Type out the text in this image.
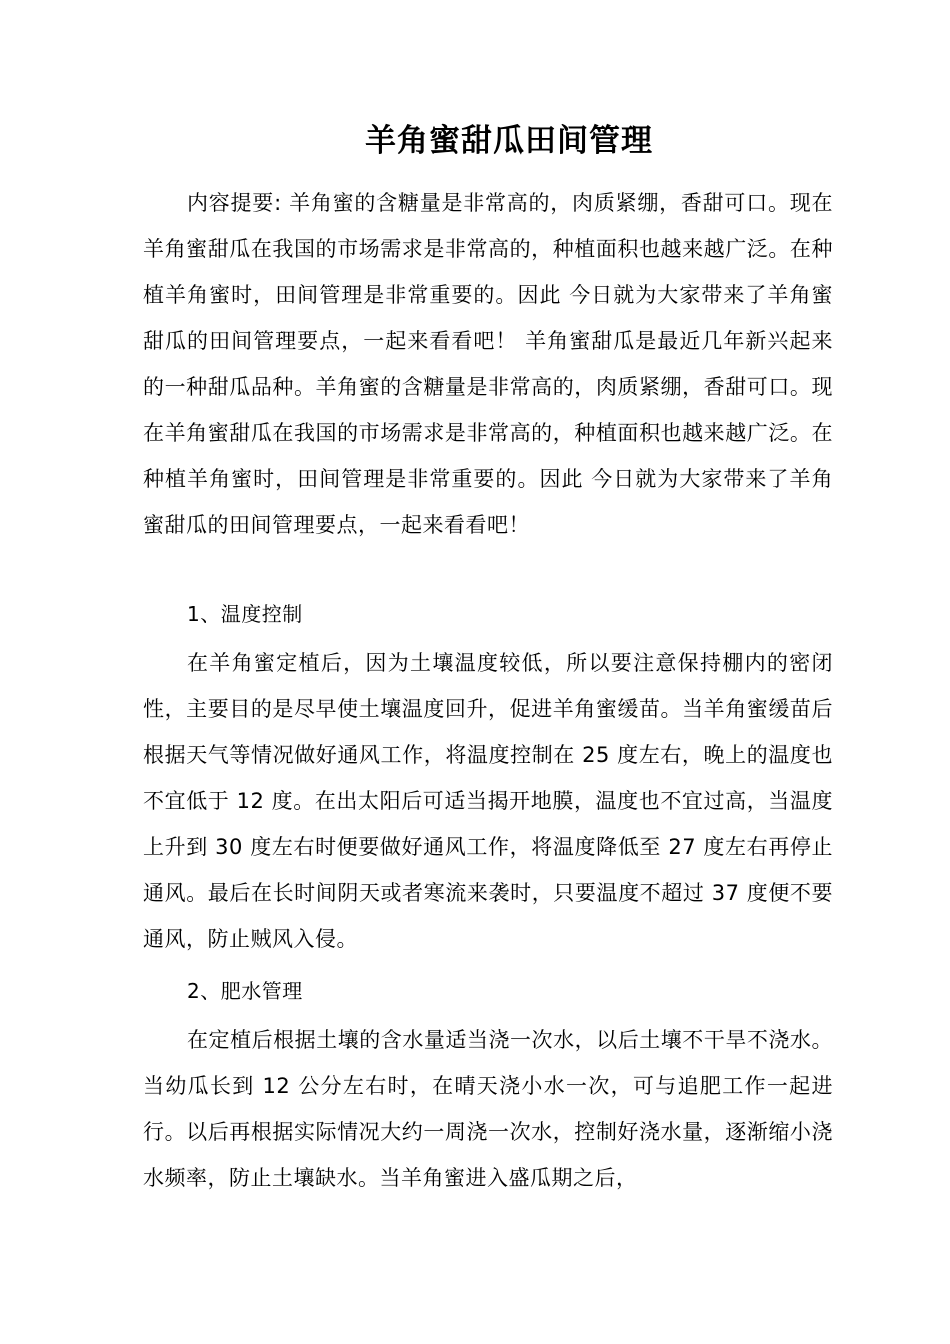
羊角蜜甜瓜田间管理

内容提要: 羊角蜜的含糖量是非常高的，肉质紧绷，香甜可口。现在羊角蜜甜瓜在我国的市场需求是非常高的，种植面积也越来越广泛。在种植羊角蜜时，田间管理是非常重要的。因此 今日就为大家带来了羊角蜜甜瓜的田间管理要点，一起来看看吧！ 羊角蜜甜瓜是最近几年新兴起来的一种甜瓜品种。羊角蜜的含糖量是非常高的，肉质紧绷，香甜可口。现在羊角蜜甜瓜在我国的市场需求是非常高的，种植面积也越来越广泛。在种植羊角蜜时，田间管理是非常重要的。因此 今日就为大家带来了羊角蜜甜瓜的田间管理要点，一起来看看吧！

1、温度控制

在羊角蜜定植后，因为土壤温度较低，所以要注意保持棚内的密闭性，主要目的是尽早使土壤温度回升，促进羊角蜜缓苗。当羊角蜜缓苗后根据天气等情况做好通风工作，将温度控制在 25 度左右，晚上的温度也不宜低于 12 度。在出太阳后可适当揭开地膜，温度也不宜过高，当温度上升到 30 度左右时便要做好通风工作，将温度降低至 27 度左右再停止通风。最后在长时间阴天或者寒流来袭时，只要温度不超过 37 度便不要通风，防止贼风入侵。

2、肥水管理

在定植后根据土壤的含水量适当浇一次水，以后土壤不干旱不浇水。当幼瓜长到 12 公分左右时，在晴天浇小水一次，可与追肥工作一起进行。以后再根据实际情况大约一周浇一次水，控制好浇水量，逐渐缩小浇水频率，防止土壤缺水。当羊角蜜进入盛瓜期之后，
